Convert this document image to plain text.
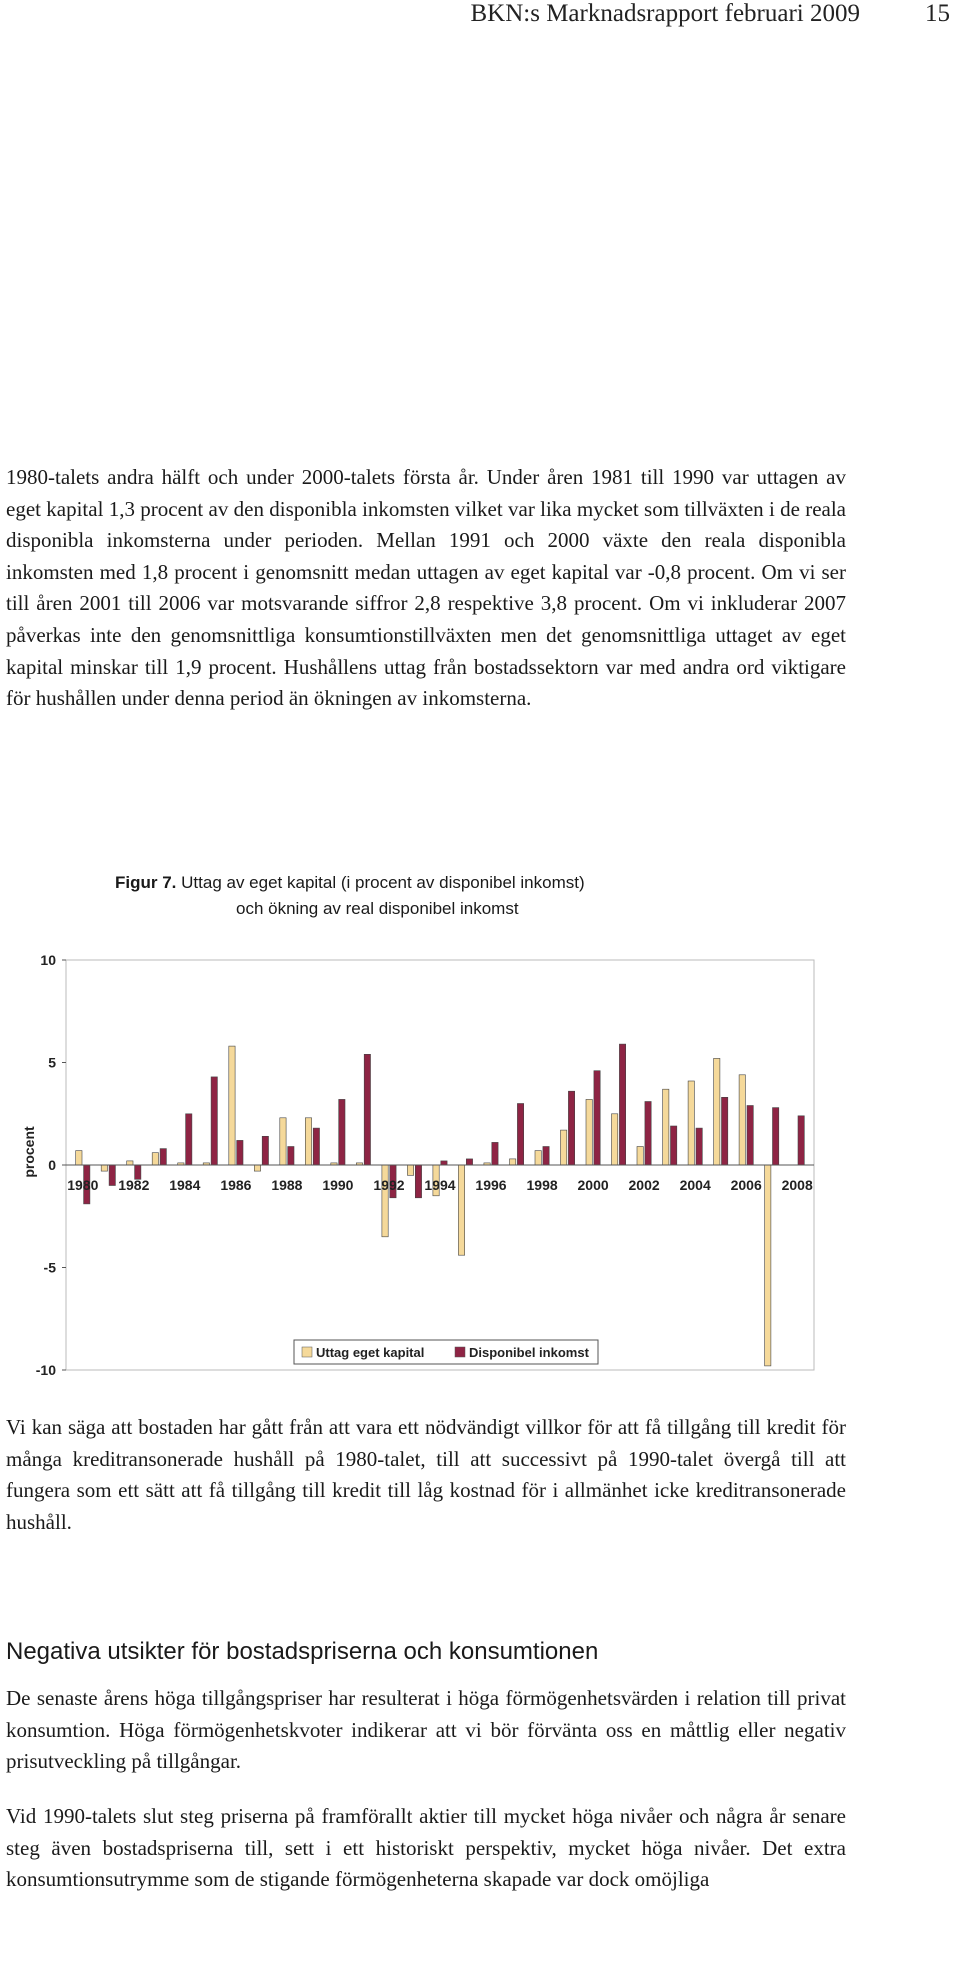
BKN:s Marknadsrapport februari 2009	15

1980-talets andra hälft och under 2000-talets första år. Under åren 1981 till 1990 var uttagen av eget kapital 1,3 procent av den disponibla inkomsten vilket var lika mycket som tillväxten i de reala disponibla inkomsterna under perioden. Mellan 1991 och 2000 växte den reala disponibla inkomsten med 1,8 procent i genomsnitt medan uttagen av eget kapital var -0,8 procent. Om vi ser till åren 2001 till 2006 var motsvarande siffror 2,8 respektive 3,8 procent. Om vi inkluderar 2007 påverkas inte den genomsnittliga konsumtionstillväxten men det genomsnittliga uttaget av eget kapital minskar till 1,9 procent. Hushållens uttag från bostadssektorn var med andra ord viktigare för hushållen under denna period än ökningen av inkomsterna.

10
5
0
-5
-10
1980 1982 1984 1986 1988 1990 1992 1994 1996 1998 2000 2002 2004 2006 2008
procent
Uttag eget kapital	Disponibel inkomst
Figur 7. Uttag av eget kapital (i procent av disponibel inkomst)
och ökning av real disponibel inkomst

Vi kan säga att bostaden har gått från att vara ett nödvändigt villkor för att få tillgång till kredit för många kreditransonerade hushåll på 1980-talet, till att successivt på 1990-talet övergå till att fungera som ett sätt att få tillgång till kredit till låg kostnad för i allmänhet icke kreditransonerade hushåll.

Negativa utsikter för bostadspriserna och konsumtionen

De senaste årens höga tillgångspriser har resulterat i höga förmögenhetsvärden i relation till privat konsumtion. Höga förmögenhetskvoter indikerar att vi bör förvänta oss en måttlig eller negativ prisutveckling på tillgångar.

Vid 1990-talets slut steg priserna på framförallt aktier till mycket höga nivåer och några år senare steg även bostadspriserna till, sett i ett historiskt perspektiv, mycket höga nivåer. Det extra konsumtionsutrymme som de stigande förmögenheterna skapade var dock omöjliga
